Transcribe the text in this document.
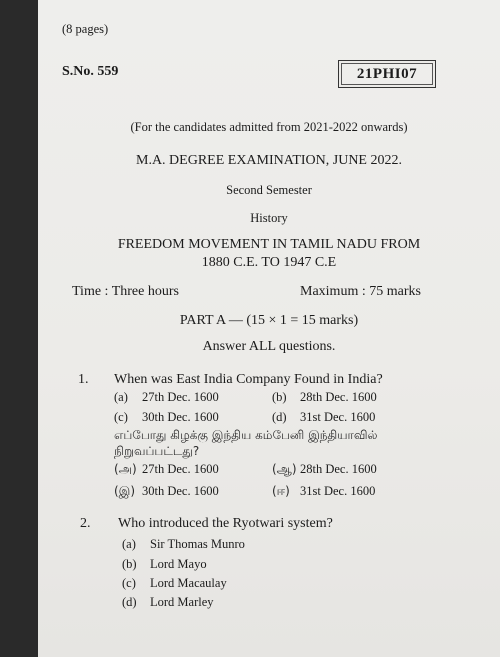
(8 pages)
S.No. 559	21PHI07
(For the candidates admitted from 2021-2022 onwards)
M.A. DEGREE EXAMINATION, JUNE 2022.
Second Semester
History
FREEDOM MOVEMENT IN TAMIL NADU FROM
1880 C.E. TO 1947 C.E
Time : Three hours	Maximum : 75 marks
PART A — (15 × 1 = 15 marks)
Answer ALL questions.
1. When was East India Company Found in India?
(a) 27th Dec. 1600	(b) 28th Dec. 1600
(c) 30th Dec. 1600	(d) 31st Dec. 1600
எப்போது கிழக்கு இந்திய கம்பேனி இந்தியாவில்
நிறுவப்பட்டது?
(அ) 27th Dec. 1600	(ஆ) 28th Dec. 1600
(இ) 30th Dec. 1600	(ஈ) 31st Dec. 1600
2. Who introduced the Ryotwari system?
(a) Sir Thomas Munro
(b) Lord Mayo
(c) Lord Macaulay
(d) Lord Marley
